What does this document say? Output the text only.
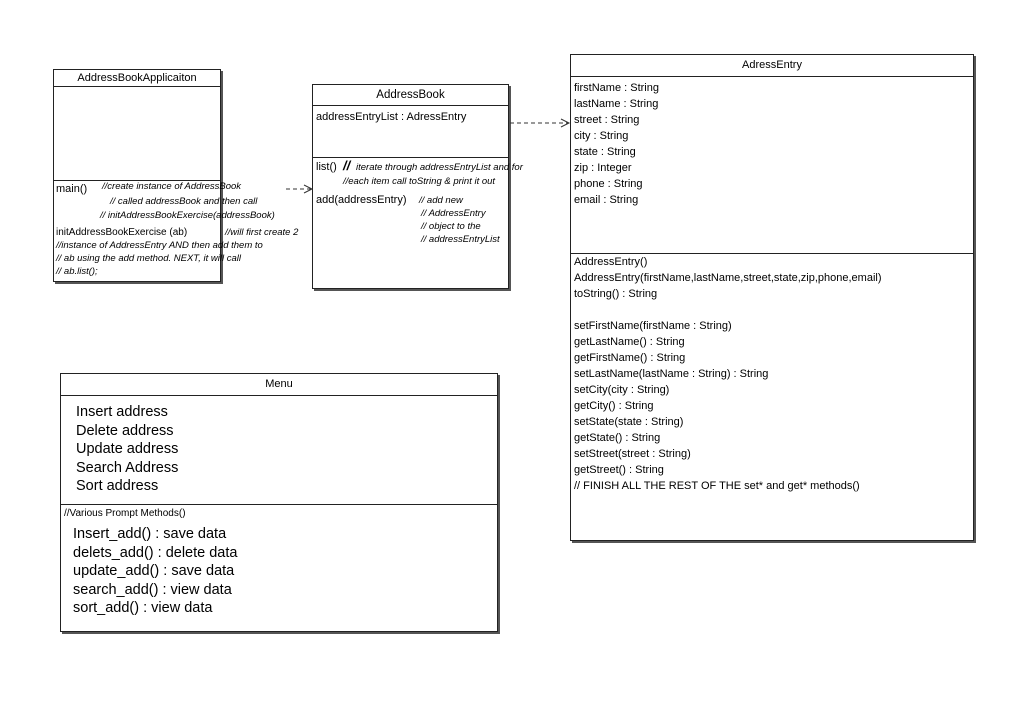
AddressBookApplicaiton
main() //create instance of AddressBook
// called addressBook and then call
// initAddressBookExercise(addressBook)
initAddressBookExercise (ab)	//will first create 2
//instance of AddressEntry AND then add them to
// ab using the add method. NEXT, it will call
// ab.list();
AddressBook
addressEntryList : AdressEntry
list() // iterate through addressEntryList and for
//each item call toString & print it out
add(addressEntry) // add new
// AddressEntry
// object to the
// addressEntryList
AdressEntry
firstName : String
lastName : String
street : String
city : String
state : String
zip : Integer
phone : String
email : String
AddressEntry()
AddressEntry(firstName,lastName,street,state,zip,phone,email)
toString() : String
setFirstName(firstName : String)
getLastName() : String
getFirstName() : String
setLastName(lastName : String) : String
setCity(city : String)
getCity() : String
setState(state : String)
getState() : String
setStreet(street : String)
getStreet() : String
// FINISH ALL THE REST OF THE set* and get* methods()
Menu
Insert address
Delete address
Update address
Search Address
Sort address
//Various Prompt Methods()
Insert_add() : save data
delets_add() : delete data
update_add() : save data
search_add() : view data
sort_add() : view data
